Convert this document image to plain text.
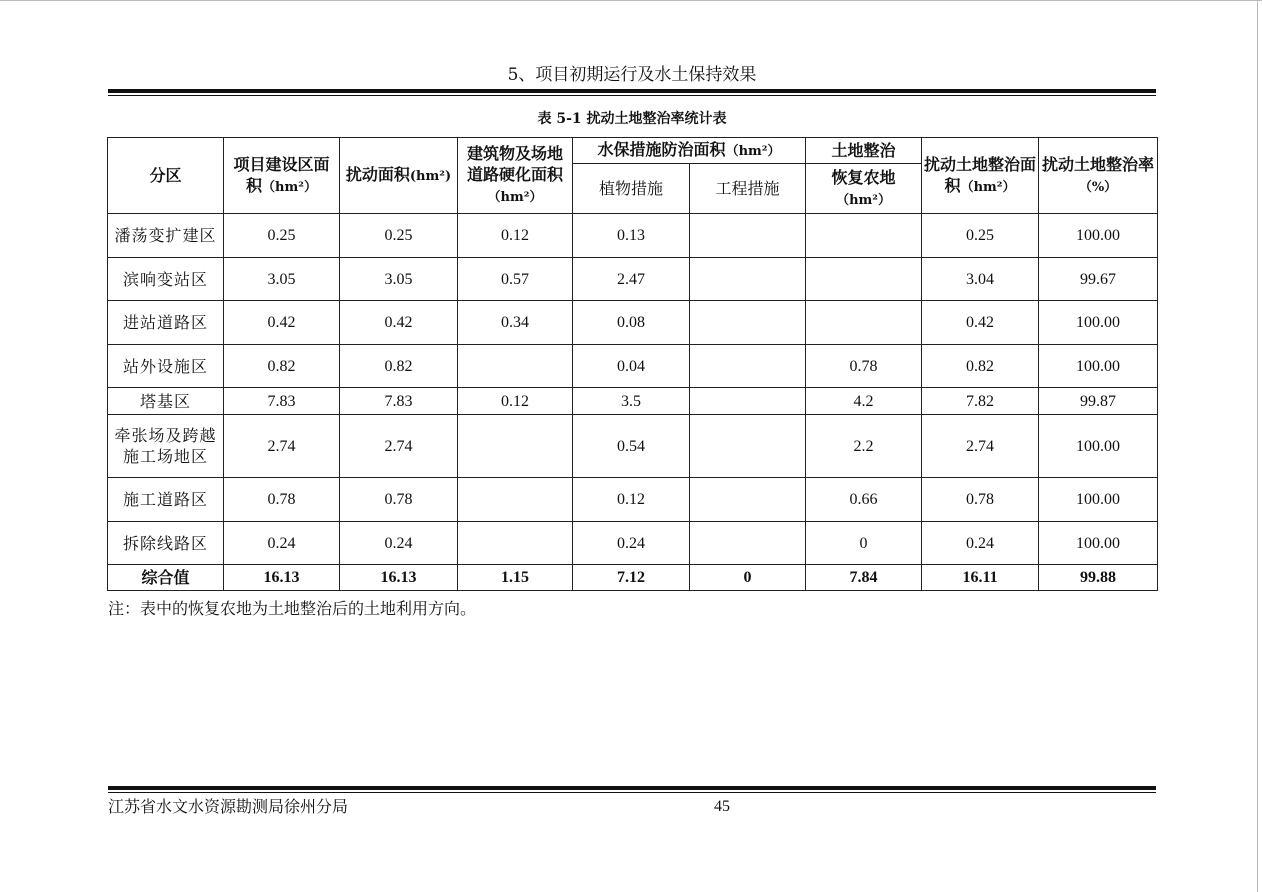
5、项目初期运行及水土保持效果
表 5-1 扰动土地整治率统计表
分区	项目建设区面积（hm²）	扰动面积(hm²)	建筑物及场地道路硬化面积
（hm²）	水保措施防治面积（hm²）		土地整治	扰动土地整治面积（hm²）	扰动土地整治率（%）
				植物措施	工程措施	恢复农地
（hm²）		
潘荡变扩建区	0.25	0.25	0.12	0.13			0.25	100.00
滨响变站区	3.05	3.05	0.57	2.47			3.04	99.67
进站道路区	0.42	0.42	0.34	0.08			0.42	100.00
站外设施区	0.82	0.82		0.04		0.78	0.82	100.00
塔基区	7.83	7.83	0.12	3.5		4.2	7.82	99.87
牵张场及跨越
施工场地区	2.74	2.74		0.54		2.2	2.74	100.00
施工道路区	0.78	0.78		0.12		0.66	0.78	100.00
拆除线路区	0.24	0.24		0.24		0	0.24	100.00
综合值	16.13	16.13	1.15	7.12	0	7.84	16.11	99.88
注：表中的恢复农地为土地整治后的土地利用方向。
江苏省水文水资源勘测局徐州分局	45
